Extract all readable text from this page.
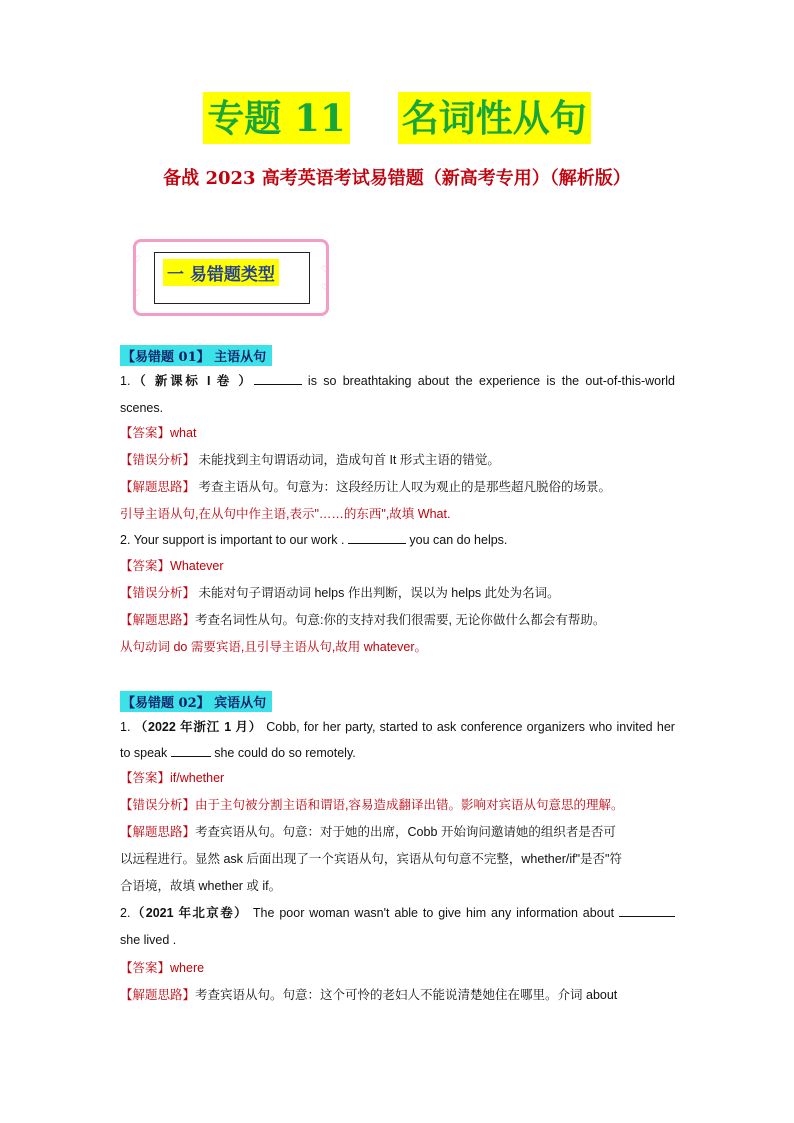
专题 11 名词性从句
备战 2023 高考英语考试易错题（新高考专用）（解析版）
♡
♡
♡
♡
一 易错题类型
【易错题 01】 主语从句
1.（ 新课标 I 卷 ）	is so breathtaking about the experience is the out-of-this-world
scenes.
【答案】what
【错误分析】 未能找到主句谓语动词，造成句首 It 形式主语的错觉。
【解题思路】 考查主语从句。句意为：这段经历让人叹为观止的是那些超凡脱俗的场景。
引导主语从句,在从句中作主语,表示"……的东西",故填 What.
2. Your support is important to our work .	you can do helps.
【答案】Whatever
【错误分析】 未能对句子谓语动词 helps 作出判断，误以为 helps 此处为名词。
【解题思路】考查名词性从句。句意:你的支持对我们很需要, 无论你做什么都会有帮助。
从句动词 do 需要宾语,且引导主语从句,故用 whatever。
【易错题 02】 宾语从句
1. （2022 年浙江 1 月） Cobb, for her party, started to ask conference organizers who invited her
to speak	she could do so remotely.
【答案】if/whether
【错误分析】由于主句被分割主语和谓语,容易造成翻译出错。影响对宾语从句意思的理解。
【解题思路】考查宾语从句。句意：对于她的出席，Cobb 开始询问邀请她的组织者是否可
以远程进行。显然 ask 后面出现了一个宾语从句，宾语从句句意不完整，whether/if"是否"符
合语境，故填 whether 或 if。
2.（2021 年北京卷） The poor woman wasn't able to give him any information about
she lived .
【答案】where
【解题思路】考查宾语从句。句意：这个可怜的老妇人不能说清楚她住在哪里。介词 about
